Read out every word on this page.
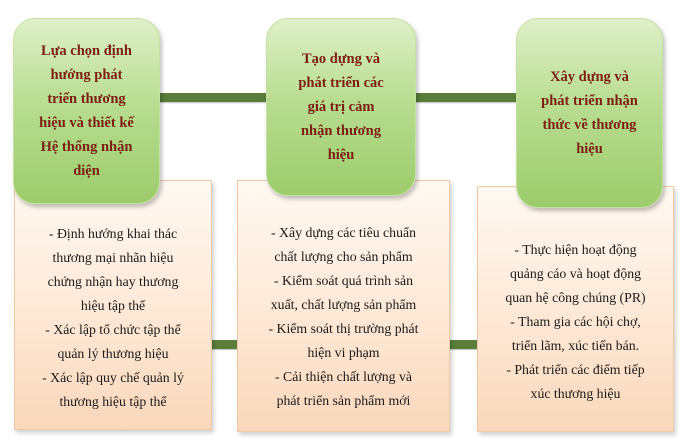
Lựa chọn định
hướng phát
triển thương
hiệu và thiết kế
Hệ thống nhận
diện
- Định hướng khai thác
thương mại nhãn hiệu
chứng nhận hay thương
hiệu tập thể
- Xác lập tổ chức tập thể
quản lý thương hiệu
- Xác lập quy chế quản lý
thương hiệu tập thể
Tạo dựng và
phát triển các
giá trị cảm
nhận thương
hiệu
- Xây dựng các tiêu chuẩn
chất lượng cho sản phẩm
- Kiểm soát quá trình sản
xuất, chất lượng sản phẩm
- Kiểm soát thị trường phát
hiện vi phạm
- Cải thiện chất lượng và
phát triển sản phẩm mới
Xây dựng và
phát triển nhận
thức về thương
hiệu
- Thực hiện hoạt động
quảng cáo và hoạt động
quan hệ công chúng (PR)
- Tham gia các hội chợ,
triển lãm, xúc tiến bán.
- Phát triển các điểm tiếp
xúc thương hiệu
